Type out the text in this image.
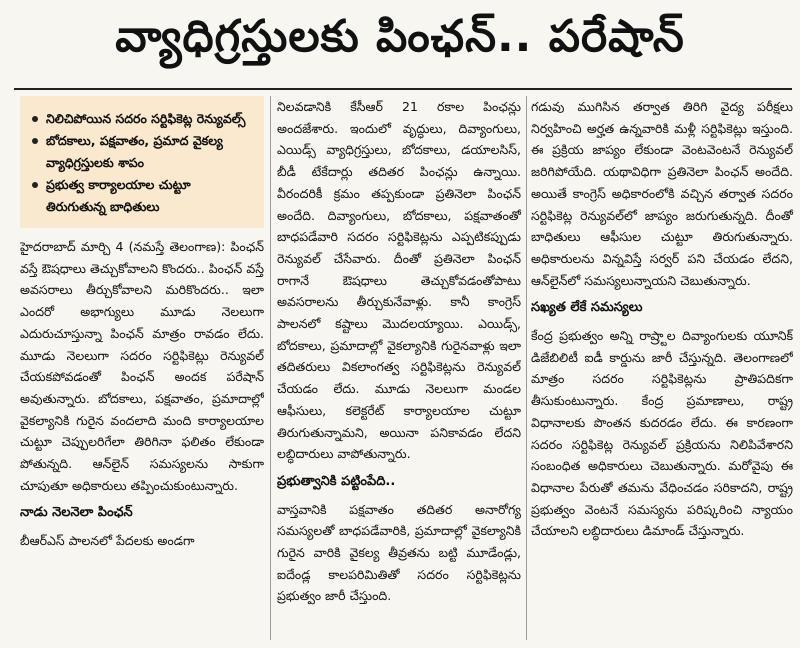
వ్యాధిగ్రస్తులకు పింఛన్.. పరేషాన్
నిలిచిపోయిన సదరం సర్టిఫికెట్ల రెన్యువల్స్
బోదకాలు, పక్షవాతం, ప్రమాద వైకల్య వ్యాధిగ్రస్తులకు శాపం
ప్రభుత్వ కార్యాలయాల చుట్టూ తిరుగుతున్న బాధితులు

హైదరాబాద్‌ మార్చి 4 (నమస్తే తెలంగాణ): పింఛన్‌ వస్తే ఔషధాలు తెచ్చుకోవాలని కొందరు.. పింఛన్‌ వస్తే అవసరాలు తీర్చుకోవాలని మరికొందరు.. ఇలా ఎందరో అభాగ్యులు మూడు నెలలుగా ఎదురుచూస్తున్నా పింఛన్‌ మాత్రం రావడం లేదు. మూడు నెలలుగా సదరం సర్టిఫికెట్లు రెన్యువల్‌ చేయకపోవడంతో పింఛన్‌ అందక పరేషాన్‌ అవుతున్నారు. బోదకాలు, పక్షవాతం, ప్రమాదాల్లో వైకల్యానికి గురైన వందలాది మంది కార్యాలయాల చుట్టూ చెప్పులరిగేలా తిరిగినా ఫలితం లేకుండా పోతున్నది. ఆన్‌లైన్‌ సమస్యలను సాకుగా చూపుతూ అధికారులు తప్పించుకుంటున్నారు.

నాడు నెలనెలా పింఛన్‌

బీఆర్‌ఎస్‌ పాలనలో పేదలకు అండగా

నిలవడానికి కేసీఆర్‌ 21 రకాల పింఛన్లు అందజేశారు. ఇందులో వృద్ధులు, దివ్యాంగులు, ఎయిడ్స్‌ వ్యాధిగ్రస్తులు, బోదకాలు, డయాలసిస్‌, బీడీ టేకేదార్లు తదితర పింఛన్లు ఉన్నాయి. వీరందరికీ క్రమం తప్పకుండా ప్రతినెలా పింఛన్‌ అందేది. దివ్యాంగులు, బోదకాలు, పక్షవాతంతో బాధపడేవారి సదరం సర్టిఫికెట్లను ఎప్పటికప్పుడు రెన్యువల్‌ చేసేవారు. దీంతో ప్రతినెలా పింఛన్‌ రాగానే ఔషధాలు తెచ్చుకోవడంతోపాటు అవసరాలను తీర్చుకునేవాళ్లు. కానీ కాంగ్రెస్‌ పాలనలో కష్టాలు మొదలయ్యాయి. ఎయిడ్స్‌, బోదకాలు, ప్రమాదాల్లో వైకల్యానికి గురైనవాళ్లు ఇలా తదితరులు వికలాంగత్వ సర్టిఫికెట్లను రెన్యువల్‌ చేయడం లేదు. మూడు నెలలుగా మండల ఆఫీసులు, కలెక్టరేట్‌ కార్యాలయాల చుట్టూ తిరుగుతున్నామని, అయినా పనికావడం లేదని లబ్ధిదారులు వాపోతున్నారు.

ప్రభుత్వానికి పట్టింపేది..

వాస్తవానికి పక్షవాతం తదితర అనారోగ్య సమస్యలతో బాధపడేవారికి, ప్రమాదాల్లో వైకల్యానికి గురైన వారికి వైకల్య తీవ్రతను బట్టి మూడేండ్లు, ఐదేండ్ల కాలపరిమితితో సదరం సర్టిఫికెట్లను ప్రభుత్వం జారీ చేస్తుంది.

గడువు ముగిసిన తర్వాత తిరిగి వైద్య పరీక్షలు నిర్వహించి అర్హత ఉన్నవారికి మళ్లీ సర్టిఫికెట్లు ఇస్తుంది. ఈ ప్రక్రియ జాప్యం లేకుండా వెంటవెంటనే రెన్యువల్‌ జరిగిపోయేది. యథావిధిగా ప్రతినెలా పింఛన్‌ అందేది. అయితే కాంగ్రెస్‌ అధికారంలోకి వచ్చిన తర్వాత సదరం సర్టిఫికెట్ల రెన్యువల్‌లో జాప్యం జరుగుతున్నది. దీంతో బాధితులు ఆఫీసుల చుట్టూ తిరుగుతున్నారు. అధికారులను విన్నవిస్తే సర్వర్‌ పని చేయడం లేదని, ఆన్‌లైన్‌లో సమస్యలున్నాయని చెబుతున్నారు.

సఖ్యత లేకే సమస్యలు

కేంద్ర ప్రభుత్వం అన్ని రాష్ర్టాల దివ్యాంగులకు యూనిక్‌ డిజేబిలిటీ ఐడీ కార్డును జారీ చేస్తున్నది. తెలంగాణలో మాత్రం సదరం సర్టిఫికెట్లను ప్రాతిపదికగా తీసుకుంటున్నారు. కేంద్ర ప్రమాణాలు, రాష్ట్ర విధానాలకు పొంతన కుదరడం లేదు. ఈ కారణంగా సదరం సర్టిఫికెట్ల రెన్యువల్‌ ప్రక్రియను నిలిపివేశారని సంబంధిత అధికారులు చెబుతున్నారు. మరోవైపు ఈ విధానాల పేరుతో తమను వేధించడం సరికాదని, రాష్ట్ర ప్రభుత్వం వెంటనే సమస్యను పరిష్కరించి న్యాయం చేయాలని లబ్ధిదారులు డిమాండ్‌ చేస్తున్నారు.
